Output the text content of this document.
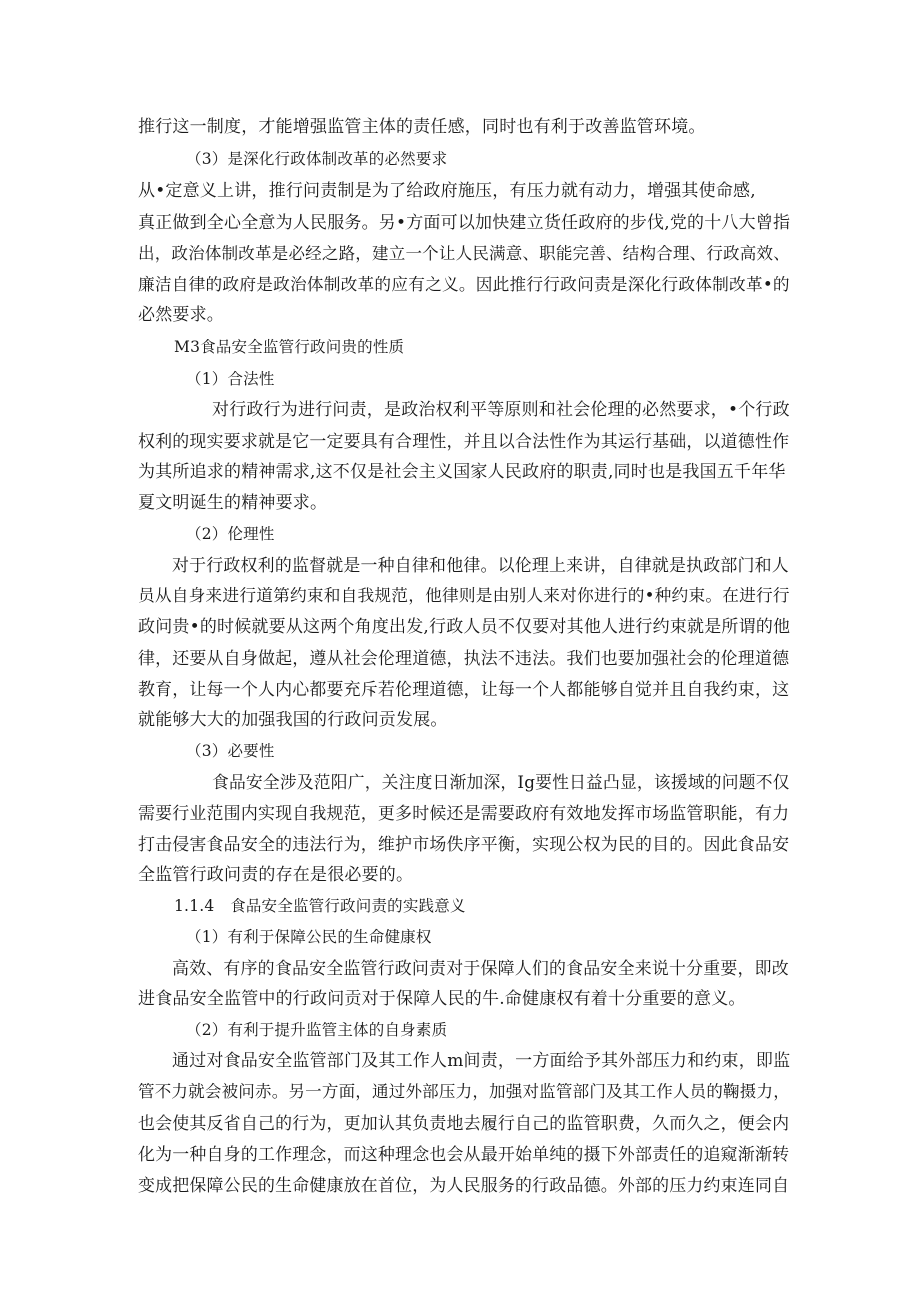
推行这一制度，才能增强监管主体的责任感，同时也有利于改善监管环境。
（3）是深化行政体制改革的必然要求
从•定意义上讲，推行问责制是为了给政府施压，有压力就有动力，增强其使命感,
真正做到全心全意为人民服务。另•方面可以加快建立货任政府的步伐,党的十八大曾指
出，政治体制改革是必经之路，建立一个让人民满意、职能完善、结构合理、行政高效、
廉洁自律的政府是政治体制改革的应有之义。因此推行行政问责是深化行政体制改革•的
必然要求。
M3食品安全监管行政问贵的性质
（1）合法性
对行政行为进行问责，是政治权利平等原则和社会伦理的必然要求，•个行政
权利的现实要求就是它一定要具有合理性，并且以合法性作为其运行基础，以道德性作
为其所追求的精神需求,这不仅是社会主义国家人民政府的职责,同时也是我国五千年华
夏文明诞生的精神要求。
（2）伦理性
对于行政权利的监督就是一种自律和他律。以伦理上来讲，自律就是执政部门和人
员从自身来进行道第约束和自我规范，他律则是由别人来对你进行的•种约束。在进行行
政问贵•的时候就要从这两个角度出发,行政人员不仅要对其他人进行约束就是所谓的他
律，还要从自身做起，遵从社会伦理道德，执法不违法。我们也要加强社会的伦理道德
教育，让每一个人内心都要充斥若伦理道德，让每一个人都能够自觉并且自我约束，这
就能够大大的加强我国的行政问贡发展。
（3）必要性
食品安全涉及范阳广，关注度日渐加深，Ig要性日益凸显，该援域的问题不仅
需要行业范围内实现自我规范，更多时候还是需要政府有效地发挥市场监管职能，有力
打击侵害食品安全的违法行为，维护市场佚序平衡，实现公权为民的目的。因此食品安
全监管行政问责的存在是很必要的。
1.1.4　食品安全监管行政问责的实践意义
（1）有利于保障公民的生命健康权
高效、有序的食品安全监管行政问责对于保障人们的食品安全来说十分重要，即改
进食品安全监管中的行政问贡对于保障人民的牛.命健康权有着十分重要的意义。
（2）有利于提升监管主体的自身素质
通过对食品安全监管部门及其工作人m间责，一方面给予其外部压力和约束，即监
管不力就会被问赤。另一方面，通过外部压力，加强对监管部门及其工作人员的鞠摄力，
也会使其反省自己的行为，更加认其负责地去履行自己的监管职费，久而久之，便会内
化为一种自身的工作理念，而这种理念也会从最开始单纯的摄下外部责任的追窥渐渐转
变成把保障公民的生命健康放在首位，为人民服务的行政品德。外部的压力约束连同自
